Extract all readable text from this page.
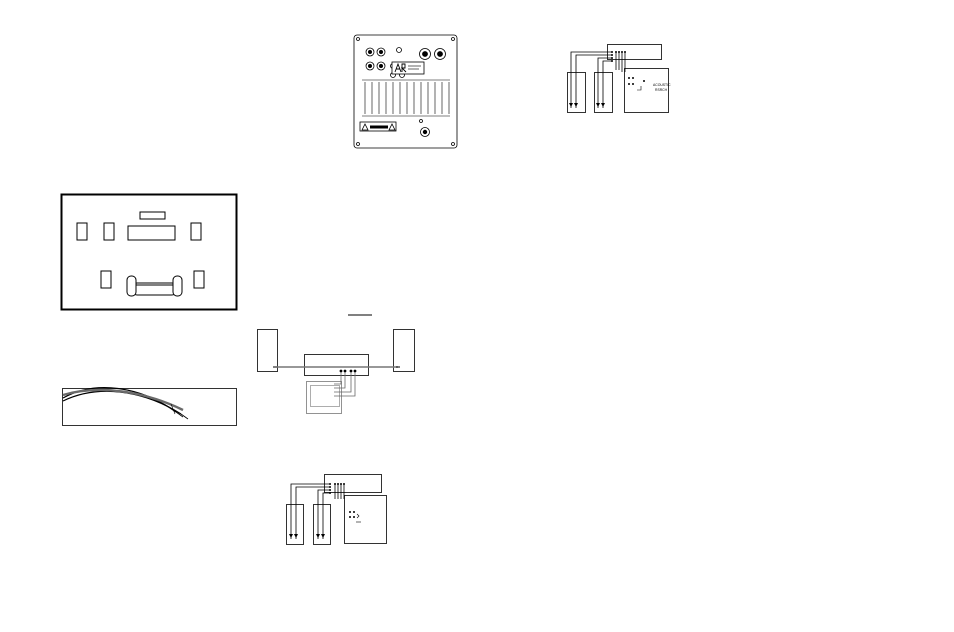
ACOUSTIC
RSRCH
